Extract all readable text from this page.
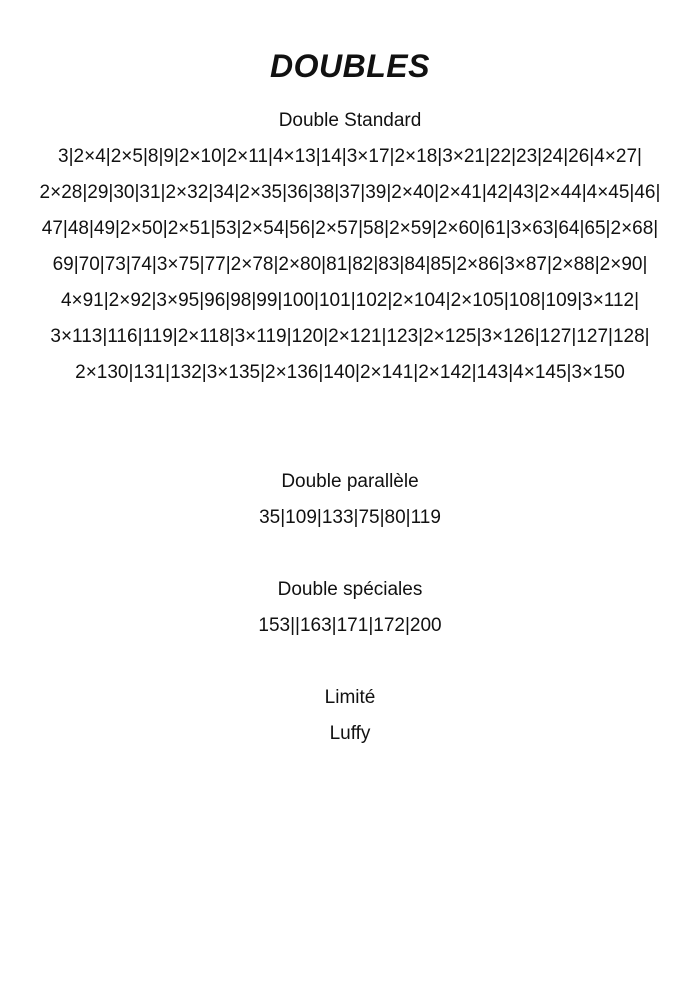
DOUBLES
Double Standard
3|2×4|2×5|8|9|2×10|2×11|4×13|14|3×17|2×18|3×21|22|23|24|26|4×27|
2×28|29|30|31|2×32|34|2×35|36|38|37|39|2×40|2×41|42|43|2×44|4×45|46|
47|48|49|2×50|2×51|53|2×54|56|2×57|58|2×59|2×60|61|3×63|64|65|2×68|
69|70|73|74|3×75|77|2×78|2×80|81|82|83|84|85|2×86|3×87|2×88|2×90|
4×91|2×92|3×95|96|98|99|100|101|102|2×104|2×105|108|109|3×112|
3×113|116|119|2×118|3×119|120|2×121|123|2×125|3×126|127|127|128|
2×130|131|132|3×135|2×136|140|2×141|2×142|143|4×145|3×150
Double parallèle
35|109|133|75|80|119
Double spéciales
153||163|171|172|200
Limité
Luffy
